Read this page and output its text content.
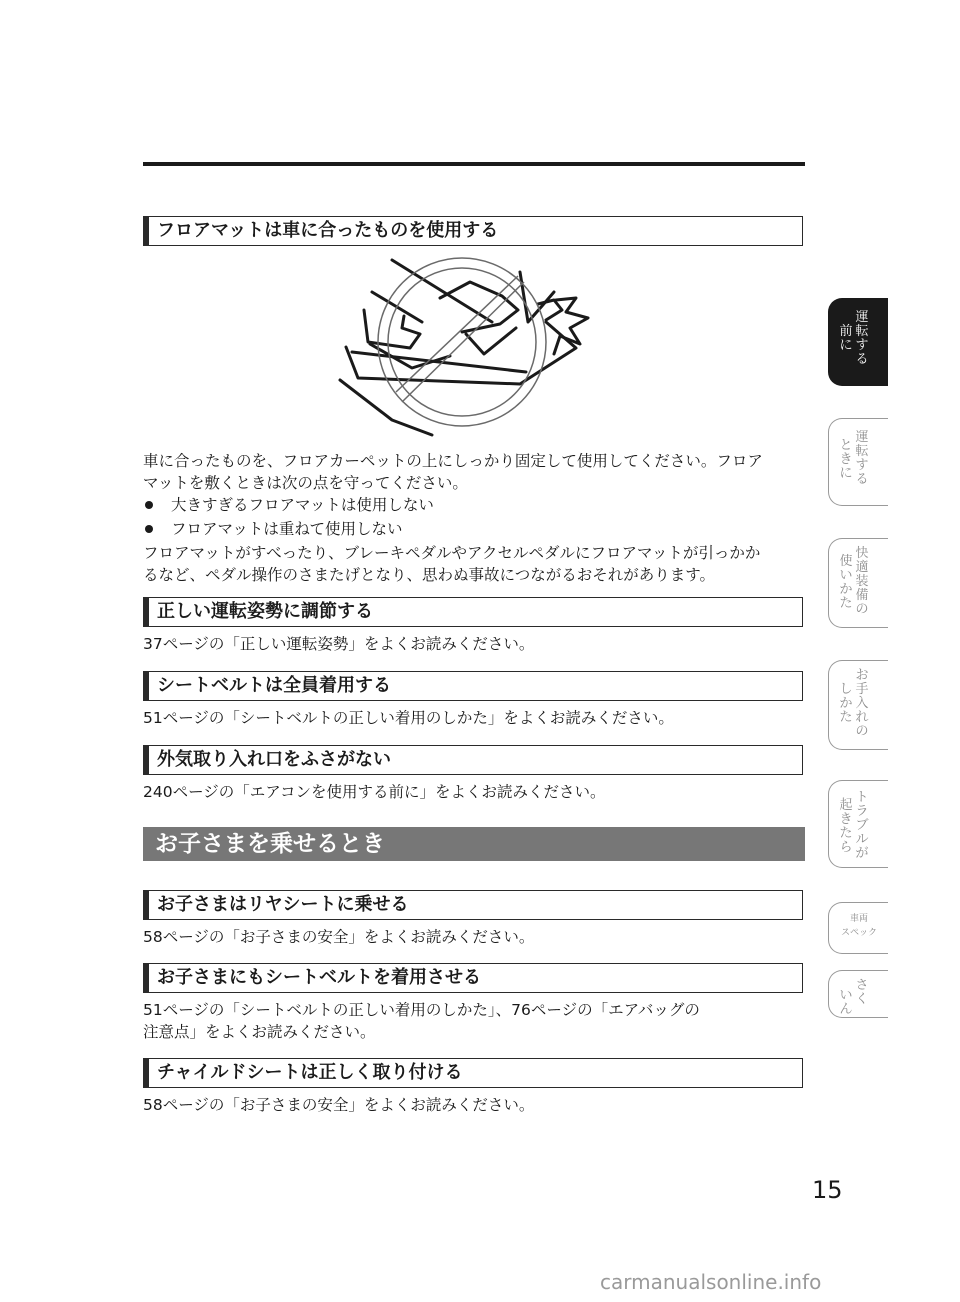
フロアマットは車に合ったものを使用する
車に合ったものを、フロアカーペットの上にしっかり固定して使用してください。フロア
マットを敷くときは次の点を守ってください。
大きすぎるフロアマットは使用しない
フロアマットは重ねて使用しない
フロアマットがすべったり、ブレーキペダルやアクセルペダルにフロアマットが引っかか
るなど、ペダル操作のさまたげとなり、思わぬ事故につながるおそれがあります。
正しい運転姿勢に調節する
37ページの「正しい運転姿勢」をよくお読みください。
シートベルトは全員着用する
51ページの「シートベルトの正しい着用のしかた」をよくお読みください。
外気取り入れ口をふさがない
240ページの「エアコンを使用する前に」をよくお読みください。
お子さまを乗せるとき
お子さまはリヤシートに乗せる
58ページの「お子さまの安全」をよくお読みください。
お子さまにもシートベルトを着用させる
51ページの「シートベルトの正しい着用のしかた」、76ページの「エアバッグの
注意点」をよくお読みください。
チャイルドシートは正しく取り付ける
58ページの「お子さまの安全」をよくお読みください。
15
運転する
前に
運転する
ときに
快適装備の
使いかた
お手入れの
しかた
トラブルが
起きたら
車両
スペック
さく
いん
carmanualsonline.info
